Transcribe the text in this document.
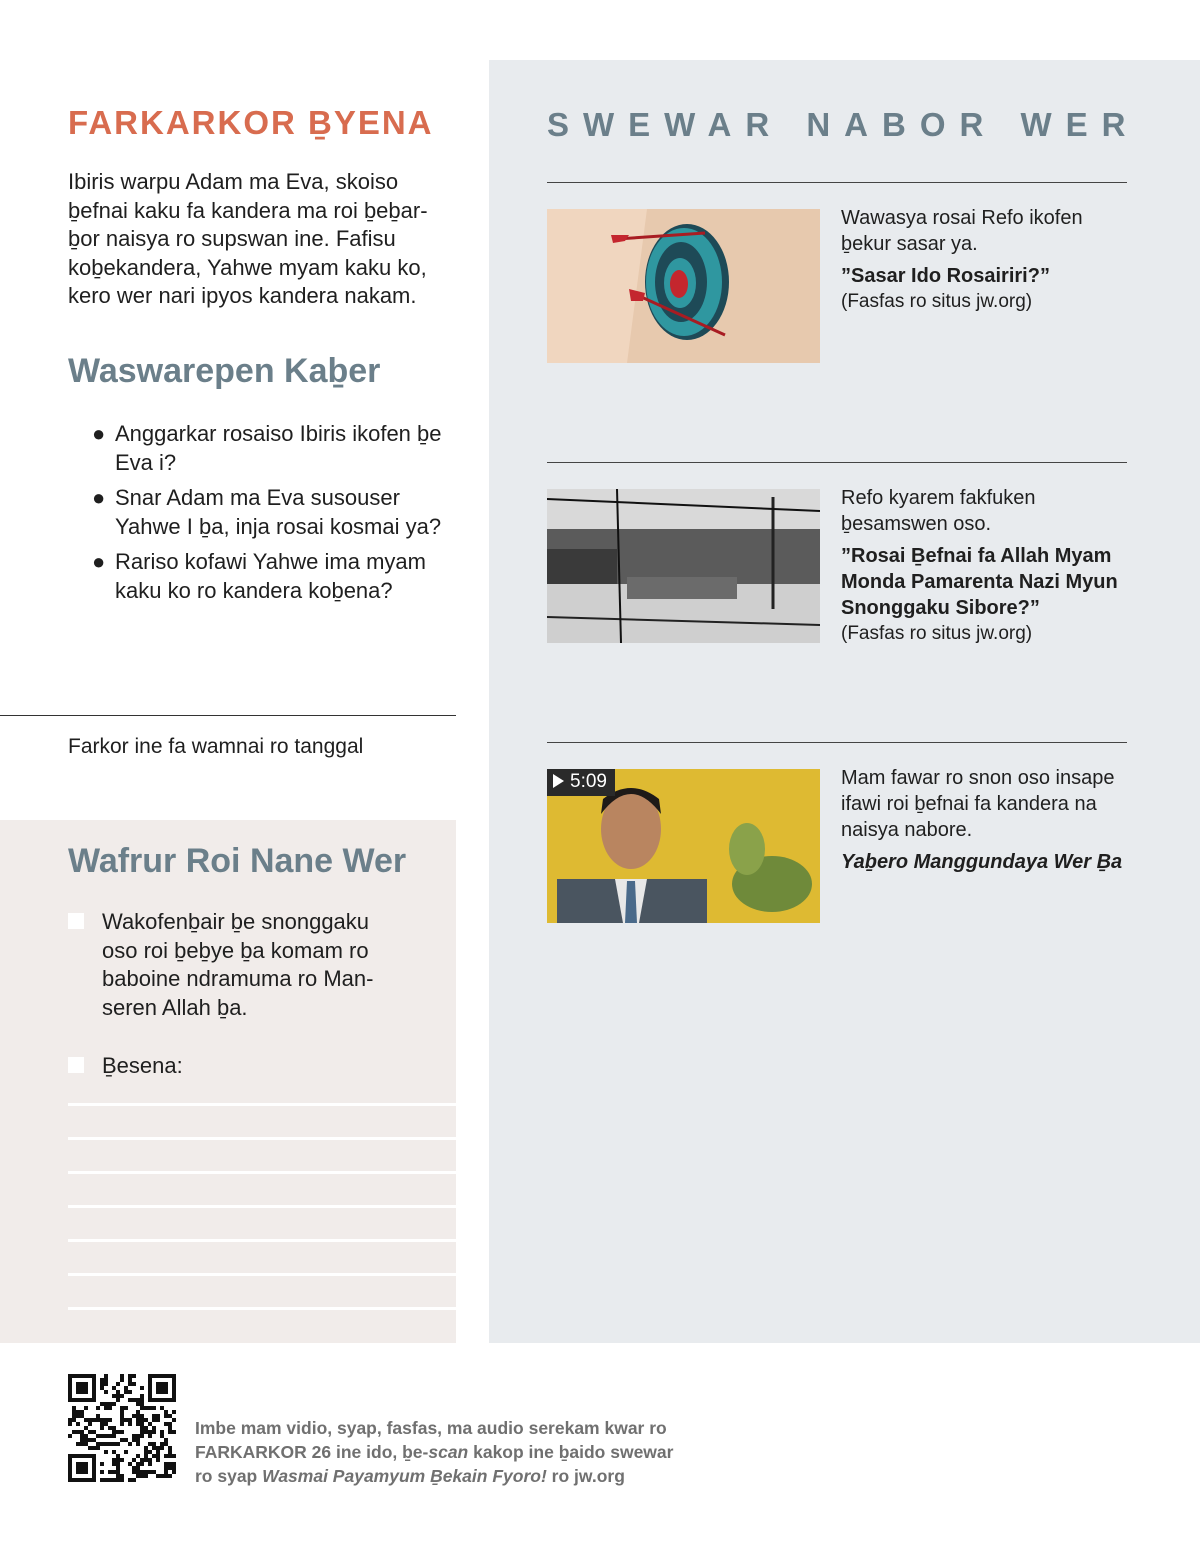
FARKARKOR ḆYENA

Ibiris warpu Adam ma Eva, skoiso ḇefnai kaku fa kandera ma roi ḇeḇar-ḇor naisya ro supswan ine. Fafisu koḇekandera, Yahwe myam kaku ko, kero wer nari ipyos kandera nakam.

Waswarepen Kaḇer
● Anggarkar rosaiso Ibiris ikofen ḇe Eva i?
● Snar Adam ma Eva susouser Yahwe I ḇa, inja rosai kosmai ya?
● Rariso kofawi Yahwe ima myam kaku ko ro kandera koḇena?
Farkor ine fa wamnai ro tanggal
Wafrur Roi Nane Wer
Wakofenḇair ḇe snonggaku oso roi ḇeḇye ḇa komam ro baboine ndramuma ro Man-seren Allah ḇa.
Ḇesena:
SWEWAR NABOR WER
Wawasya rosai Refo ikofen ḇekur sasar ya.
”Sasar Ido Rosairiri?”
(Fasfas ro situs jw.org)
Refo kyarem fakfuken ḇesamswen oso.
”Rosai Ḇefnai fa Allah Myam Monda Pamarenta Nazi Myun Snonggaku Sibore?”
(Fasfas ro situs jw.org)
5:09	Mam fawar ro snon oso insape ifawi roi ḇefnai fa kandera na naisya nabore.
Yaḇero Manggundaya Wer Ḇa
Imbe mam vidio, syap, fasfas, ma audio serekam kwar ro
FARKARKOR 26 ine ido, ḇe-scan kakop ine ḇaido swewar
ro syap Wasmai Payamyum Ḇekain Fyoro! ro jw.org
